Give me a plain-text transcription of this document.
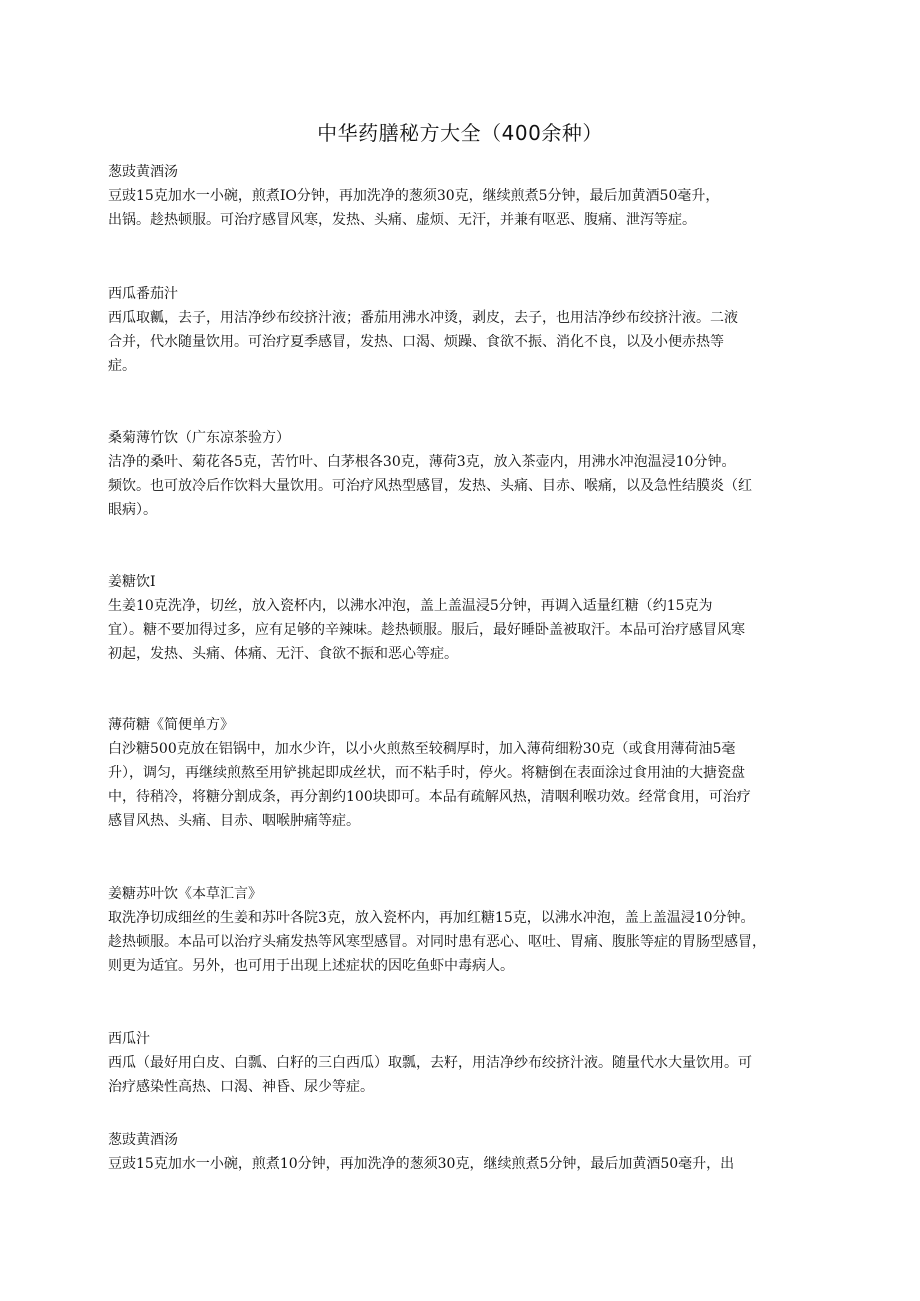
中华药膳秘方大全（400余种）

葱豉黄酒汤

豆豉15克加水一小碗，煎煮IO分钟，再加洗净的葱须30克，继续煎煮5分钟，最后加黄酒50毫升，
出锅。趁热顿服。可治疗感冒风寒，发热、头痛、虚烦、无汗，并兼有呕恶、腹痛、泄泻等症。

西瓜番茄汁

西瓜取瓤，去子，用洁净纱布绞挤汁液；番茄用沸水冲烫，剥皮，去子，也用洁净纱布绞挤汁液。二液
合并，代水随量饮用。可治疗夏季感冒，发热、口渴、烦躁、食欲不振、消化不良，以及小便赤热等
症。

桑菊薄竹饮（广东凉茶验方）

洁净的桑叶、菊花各5克，苦竹叶、白茅根各30克，薄荷3克，放入茶壶内，用沸水冲泡温浸10分钟。
频饮。也可放冷后作饮料大量饮用。可治疗风热型感冒，发热、头痛、目赤、喉痛，以及急性结膜炎（红
眼病）。

姜糖饮I

生姜10克洗净，切丝，放入瓷杯内，以沸水冲泡，盖上盖温浸5分钟，再调入适量红糖（约15克为
宜）。糖不要加得过多，应有足够的辛辣味。趁热顿服。服后，最好睡卧盖被取汗。本品可治疗感冒风寒
初起，发热、头痛、体痛、无汗、食欲不振和恶心等症。

薄荷糖《简便单方》

白沙糖500克放在铝锅中，加水少许，以小火煎熬至较稠厚时，加入薄荷细粉30克（或食用薄荷油5毫
升），调匀，再继续煎熬至用铲挑起即成丝状，而不粘手时，停火。将糖倒在表面涂过食用油的大搪瓷盘
中，待稍冷，将糖分割成条，再分割约100块即可。本品有疏解风热，清咽利喉功效。经常食用，可治疗
感冒风热、头痛、目赤、咽喉肿痛等症。

姜糖苏叶饮《本草汇言》

取洗净切成细丝的生姜和苏叶各院3克，放入瓷杯内，再加红糖15克，以沸水冲泡，盖上盖温浸10分钟。
趁热顿服。本品可以治疗头痛发热等风寒型感冒。对同时患有恶心、呕吐、胃痛、腹胀等症的胃肠型感冒，
则更为适宜。另外，也可用于出现上述症状的因吃鱼虾中毒病人。

西瓜汁

西瓜（最好用白皮、白瓢、白籽的三白西瓜）取瓢，去籽，用洁净纱布绞挤汁液。随量代水大量饮用。可
治疗感染性高热、口渴、神昏、尿少等症。

葱豉黄酒汤

豆豉15克加水一小碗，煎煮10分钟，再加洗净的葱须30克，继续煎煮5分钟，最后加黄酒50毫升，出
